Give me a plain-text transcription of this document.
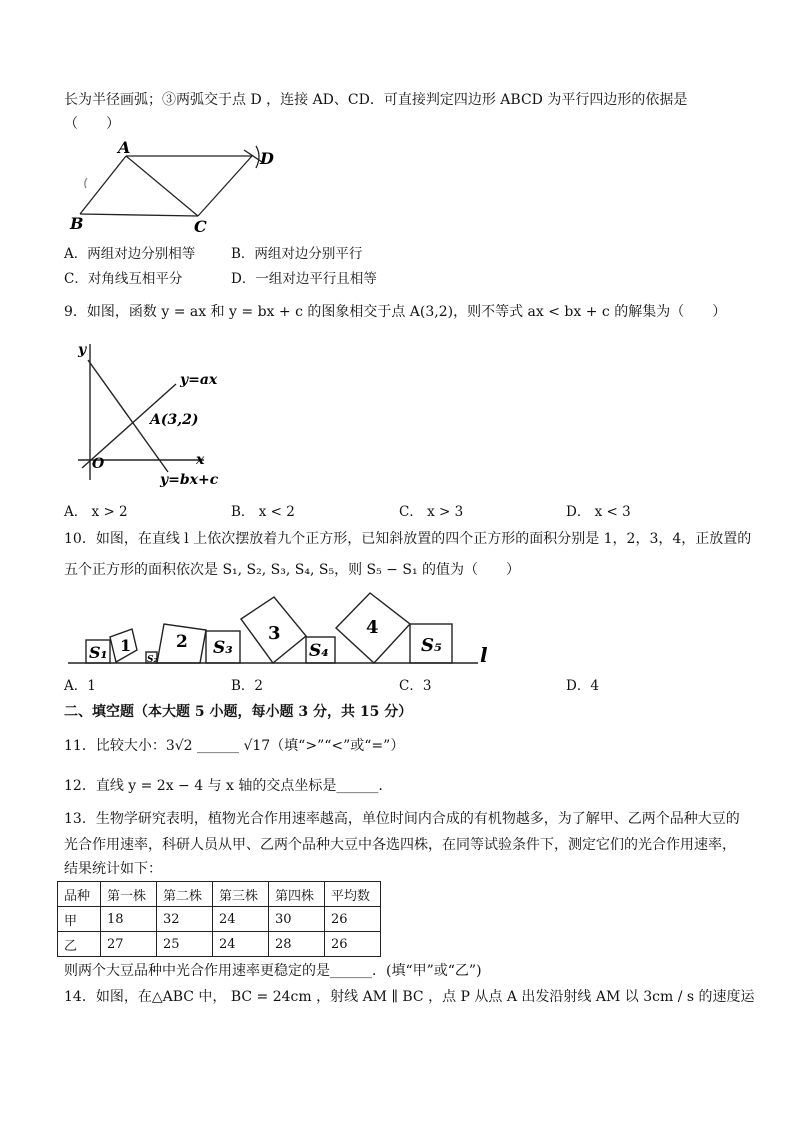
长为半径画弧；③两弧交于点 D ，连接 AD、CD．可直接判定四边形 ABCD 为平行四边形的依据是
（　　）
A
B	C
D
A．两组对边分别相等	B．两组对边分别平行
C．对角线互相平分	D．一组对边平行且相等
9．如图，函数 y = ax 和 y = bx + c 的图象相交于点 A(3,2)，则不等式 ax < bx + c 的解集为（　　）
y
x
O
y=ax
A(3,2)
y=bx+c
A． x > 2	B． x < 2	C． x > 3	D． x < 3
10．如图，在直线 l 上依次摆放着九个正方形，已知斜放置的四个正方形的面积分别是 1，2，3，4，正放置的
五个正方形的面积依次是 S₁, S₂, S₃, S₄, S₅，则 S₅ − S₁ 的值为（　　）
S₁ 1
S₂
2 S₃
3
S₄
4
S₅ l
A．1	B．2	C．3	D．4
二、填空题（本大题 5 小题，每小题 3 分，共 15 分）
11．比较大小：3√2 ______ √17（填“>”“<”或“=”）
12．直线 y = 2x − 4 与 x 轴的交点坐标是______.
13．生物学研究表明，植物光合作用速率越高，单位时间内合成的有机物越多，为了解甲、乙两个品种大豆的
光合作用速率，科研人员从甲、乙两个品种大豆中各选四株，在同等试验条件下，测定它们的光合作用速率，
结果统计如下：
品种	第一株	第二株	第三株	第四株	平均数
甲	18	32	24	30	26
乙	27	25	24	28	26
则两个大豆品种中光合作用速率更稳定的是______．(填“甲”或“乙”)
14．如图，在△ABC 中， BC = 24cm ，射线 AM ∥ BC ，点 P 从点 A 出发沿射线 AM 以 3cm / s 的速度运
